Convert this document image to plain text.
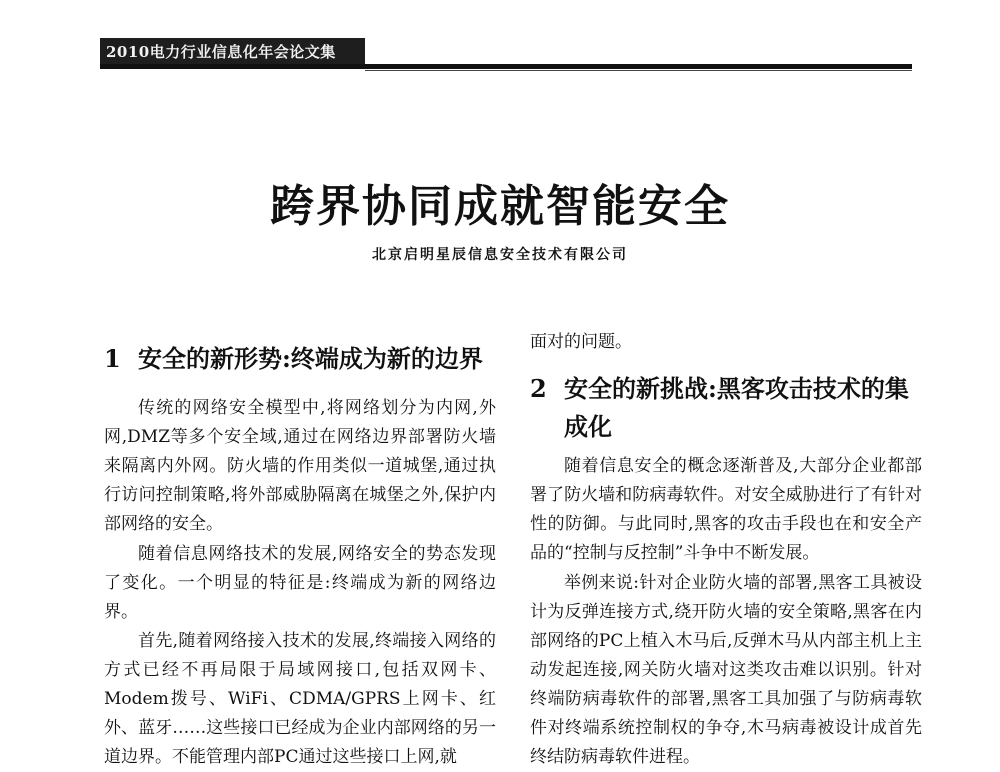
2010电力行业信息化年会论文集
跨界协同成就智能安全
北京启明星辰信息安全技术有限公司
1 安全的新形势:终端成为新的边界

传统的网络安全模型中,将网络划分为内网,外网,DMZ等多个安全域,通过在网络边界部署防火墙来隔离内外网。防火墙的作用类似一道城堡,通过执行访问控制策略,将外部威胁隔离在城堡之外,保护内部网络的安全。

随着信息网络技术的发展,网络安全的势态发现了变化。一个明显的特征是:终端成为新的网络边界。

首先,随着网络接入技术的发展,终端接入网络的方式已经不再局限于局域网接口,包括双网卡、Modem拨号、WiFi、CDMA/GPRS上网卡、红外、蓝牙……这些接口已经成为企业内部网络的另一道边界。不能管理内部PC通过这些接口上网,就

面对的问题。

2 安全的新挑战:黑客攻击技术的集成化

随着信息安全的概念逐渐普及,大部分企业都部署了防火墙和防病毒软件。对安全威胁进行了有针对性的防御。与此同时,黑客的攻击手段也在和安全产品的“控制与反控制”斗争中不断发展。

举例来说:针对企业防火墙的部署,黑客工具被设计为反弹连接方式,绕开防火墙的安全策略,黑客在内部网络的PC上植入木马后,反弹木马从内部主机上主动发起连接,网关防火墙对这类攻击难以识别。针对终端防病毒软件的部署,黑客工具加强了与防病毒软件对终端系统控制权的争夺,木马病毒被设计成首先终结防病毒软件进程。
